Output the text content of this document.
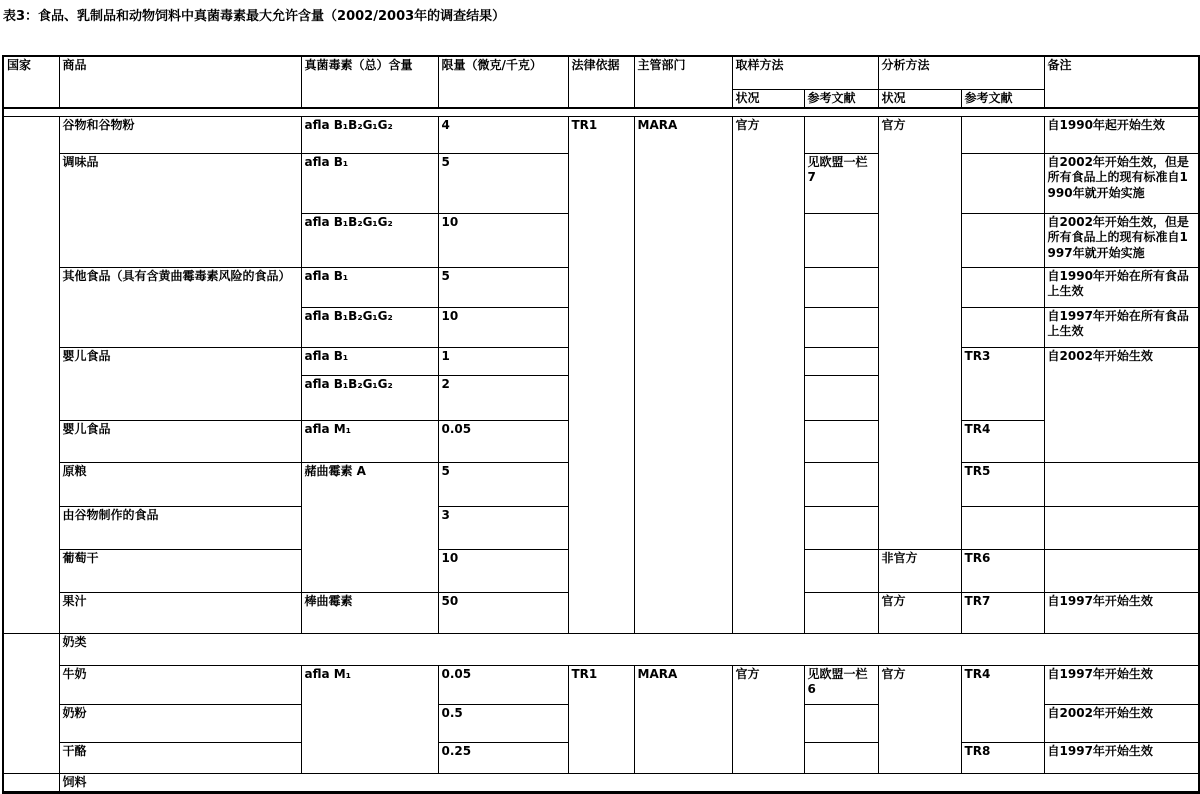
表3：食品、乳制品和动物饲料中真菌毒素最大允许含量（2002/2003年的调查结果）
国家	商品	真菌毒素（总）含量	限量（微克/千克）	法律依据	主管部门	取样方法		分析方法		备注
						状况	参考文献	状况	参考文献	

	谷物和谷物粉	afla B₁B₂G₁G₂	4	TR1	MARA	官方		官方		自1990年起开始生效
	调味品	afla B₁	5				见欧盟一栏7			自2002年开始生效，但是所有食品上的现有标准自1990年就开始实施
		afla B₁B₂G₁G₂	10							自2002年开始生效，但是所有食品上的现有标准自1997年就开始实施
	其他食品（具有含黄曲霉毒素风险的食品）	afla B₁	5							自1990年开始在所有食品上生效
		afla B₁B₂G₁G₂	10							自1997年开始在所有食品上生效
	婴儿食品	afla B₁	1						TR3	自2002年开始生效
		afla B₁B₂G₁G₂	2							
	婴儿食品	afla M₁	0.05						TR4	
	原粮	赭曲霉素 A	5						TR5	
	由谷物制作的食品		3							
	葡萄干		10					非官方	TR6	
	果汁	棒曲霉素	50					官方	TR7	自1997年开始生效
	奶类									
	牛奶	afla M₁	0.05	TR1	MARA	官方	见欧盟一栏6	官方	TR4	自1997年开始生效
	奶粉		0.5							自2002年开始生效
	干酪		0.25						TR8	自1997年开始生效
	饲料									
